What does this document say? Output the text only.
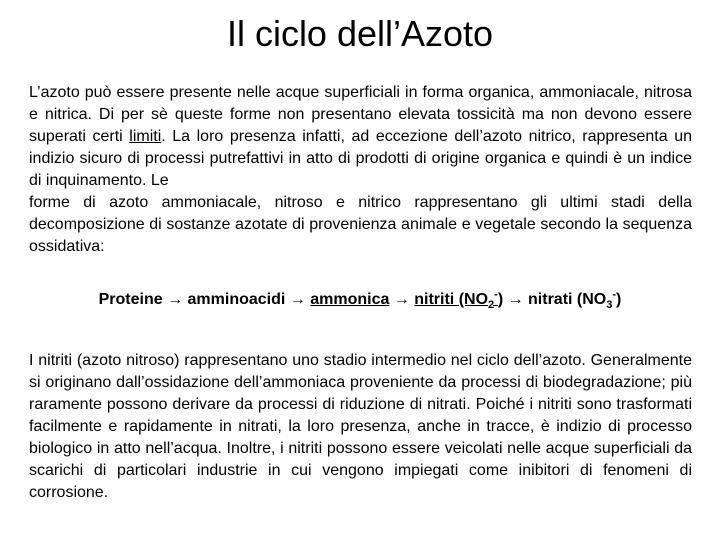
Il ciclo dell’Azoto

L’azoto può essere presente nelle acque superficiali in forma organica, ammoniacale, nitrosa e nitrica. Di per sè queste forme non presentano elevata tossicità ma non devono essere superati certi limiti. La loro presenza infatti, ad eccezione dell’azoto nitrico, rappresenta un indizio sicuro di processi putrefattivi in atto di prodotti di origine organica e quindi è un indice di inquinamento. Le
forme di azoto ammoniacale, nitroso e nitrico rappresentano gli ultimi stadi della decomposizione di sostanze azotate di provenienza animale e vegetale secondo la sequenza ossidativa:

Proteine → amminoacidi → ammonica → nitriti $(NO_2^-)$ → nitrati $(NO_3^-)$

I nitriti (azoto nitroso) rappresentano uno stadio intermedio nel ciclo dell’azoto. Generalmente si originano dall’ossidazione dell’ammoniaca proveniente da processi di biodegradazione; più raramente possono derivare da processi di riduzione di nitrati. Poiché i nitriti sono trasformati facilmente e rapidamente in nitrati, la loro presenza, anche in tracce, è indizio di processo biologico in atto nell’acqua. Inoltre, i nitriti possono essere veicolati nelle acque superficiali da scarichi di particolari industrie in cui vengono impiegati come inibitori di fenomeni di corrosione.
